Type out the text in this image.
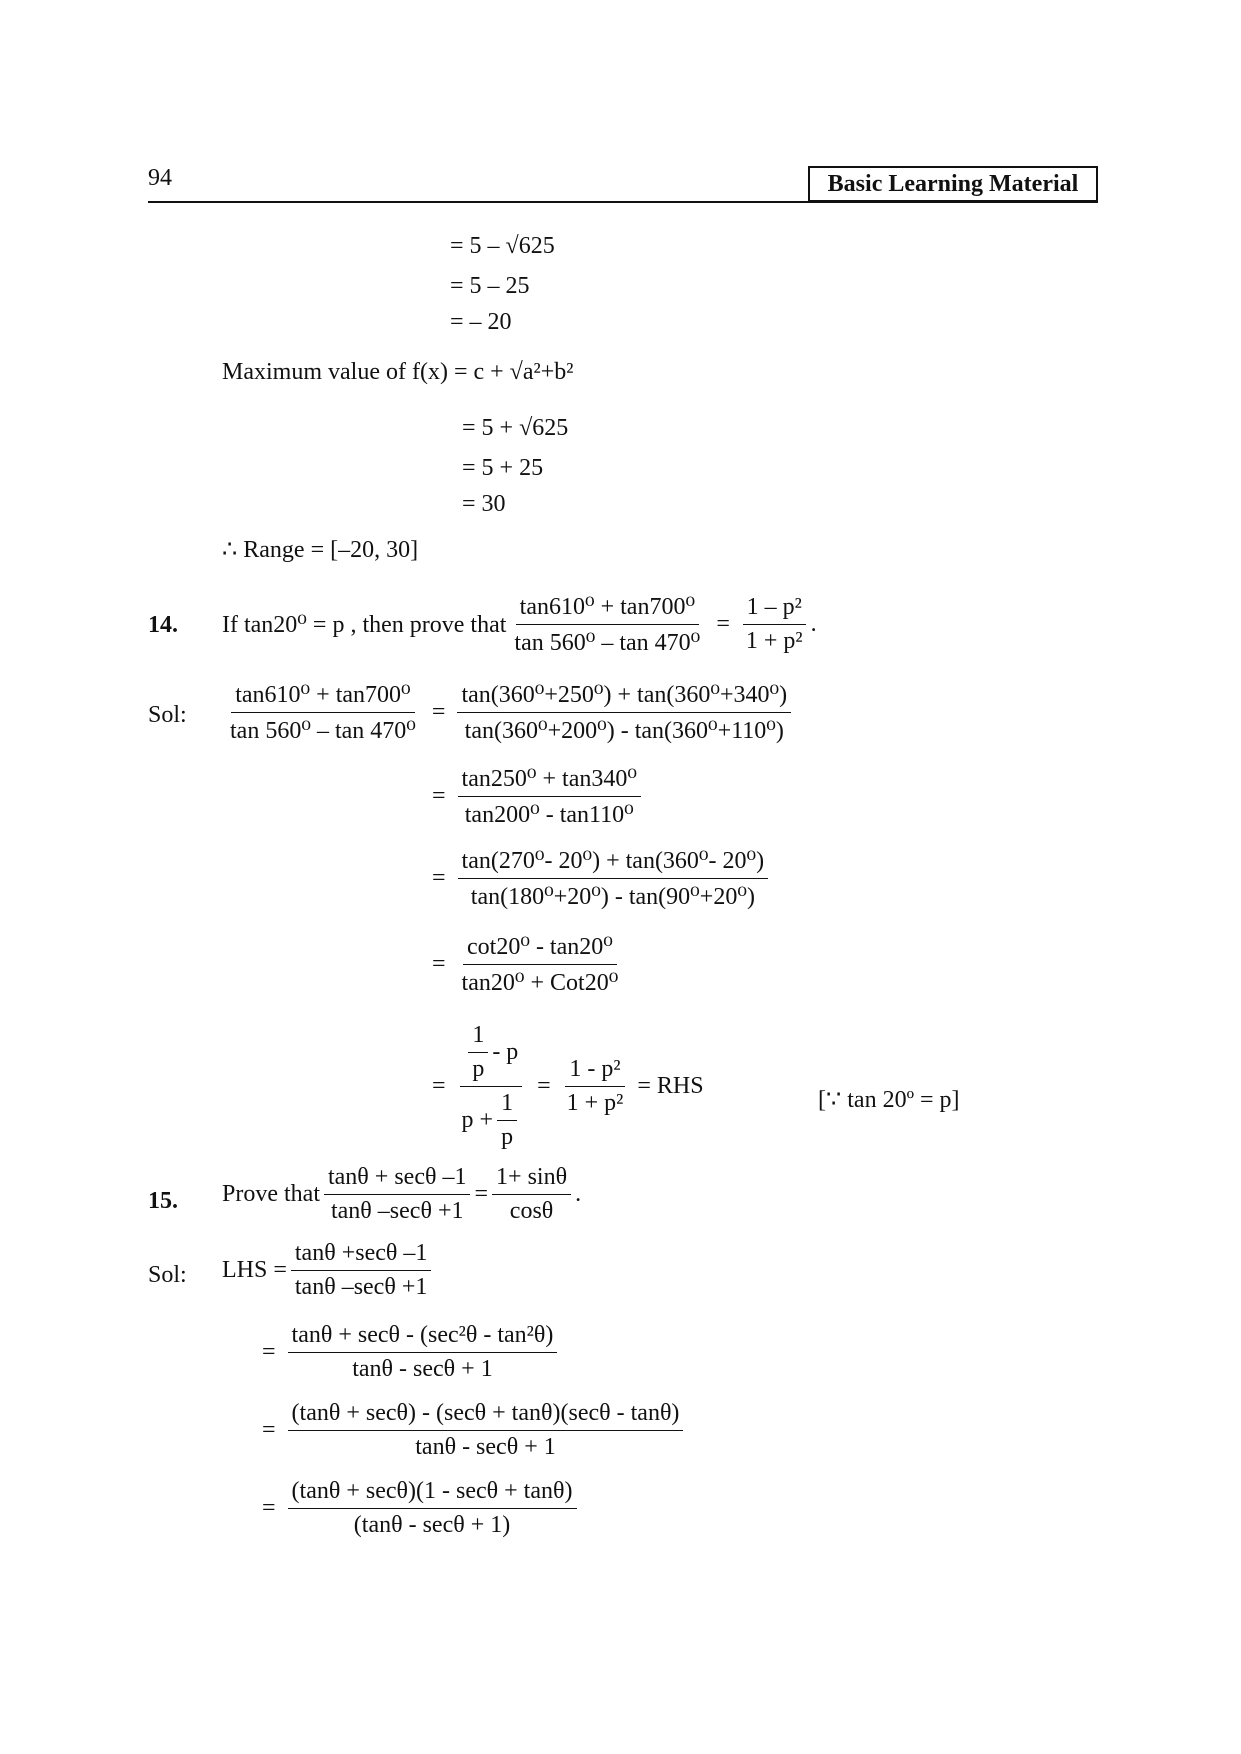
94	Basic Learning Material
= 5 – √625
= 5 – 25
= – 20
Maximum value of f(x) = c + √a²+b²
= 5 + √625
= 5 + 25
= 30
∴ Range = [–20, 30]
14. If tan20⁰ = p , then prove that $\frac{\text{tan610⁰ + tan700⁰}}{\text{tan 560⁰ – tan 470⁰}} = \frac{\text{1 – p²}}{\text{1 + p²}}$ .
Sol: $\frac{\text{tan610⁰ + tan700⁰}}{\text{tan 560⁰ – tan 470⁰}} = \frac{\text{tan(360⁰+250⁰) + tan(360⁰+340⁰)}}{\text{tan(360⁰+200⁰) - tan(360⁰+110⁰)}}$
= $\frac{\text{tan250⁰ + tan340⁰}}{\text{tan200⁰ - tan110⁰}}$
= $\frac{\text{tan(270⁰- 20⁰) + tan(360⁰- 20⁰)}}{\text{tan(180⁰+20⁰) - tan(90⁰+20⁰)}}$
= $\frac{\text{cot20⁰ - tan20⁰}}{\text{tan20⁰ + Cot20⁰}}$
= $\frac{\frac{1}{p} - p}{p + \frac{1}{p}} = \frac{\text{1 - p²}}{\text{1 + p²}}$ = RHS
[∵ tan 20º = p]
15. Prove that $\frac{\tan\theta + \sec\theta -1}{\tan\theta -\sec\theta +1} = \frac{1+ \sin\theta}{\cos\theta}$ .
Sol: LHS = $\frac{\tan\theta +\sec\theta -1}{\tan\theta -\sec\theta +1}$
= $\frac{\text{tanθ + secθ - (sec²θ - tan²θ)}}{\tan\theta - \sec\theta + 1}$
= $\frac{(\tan\theta + \sec\theta) - (\sec\theta + \tan\theta)(\sec\theta - \tan\theta)}{\tan\theta - \sec\theta + 1}$
= $\frac{(\tan\theta + \sec\theta)(1 - \sec\theta + \tan\theta)}{(\tan\theta - \sec\theta + 1)}$
